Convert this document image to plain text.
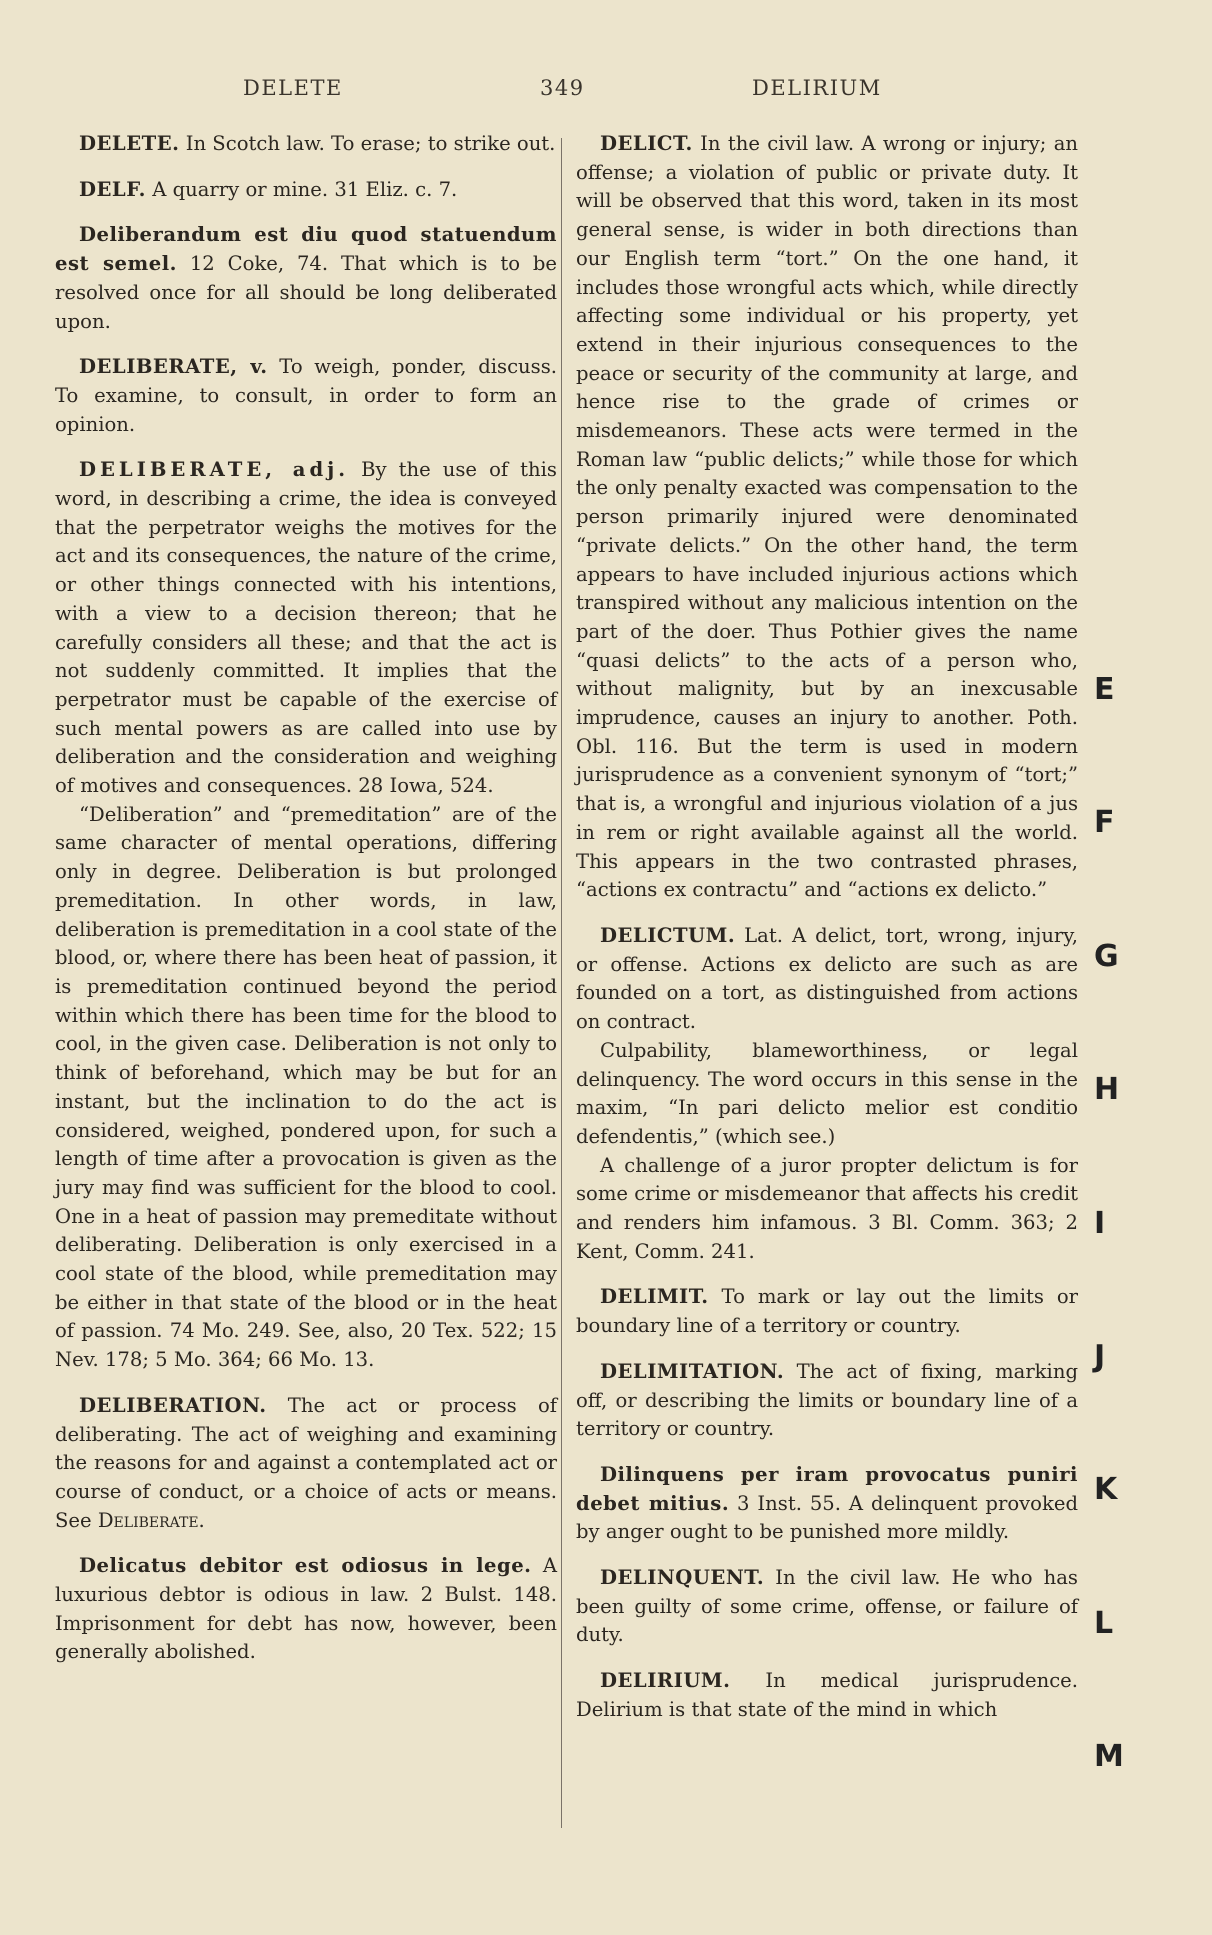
DELETE	349	DELIRIUM

DELETE. In Scotch law. To erase; to strike out.

DELF. A quarry or mine. 31 Eliz. c. 7.

Deliberandum est diu quod statuendum est semel. 12 Coke, 74. That which is to be resolved once for all should be long deliberated upon.

DELIBERATE, v. To weigh, ponder, discuss. To examine, to consult, in order to form an opinion.

DELIBERATE, adj. By the use of this word, in describing a crime, the idea is conveyed that the perpetrator weighs the motives for the act and its consequences, the nature of the crime, or other things connected with his intentions, with a view to a decision thereon; that he carefully considers all these; and that the act is not suddenly committed. It implies that the perpetrator must be capable of the exercise of such mental powers as are called into use by deliberation and the consideration and weighing of motives and consequences. 28 Iowa, 524.

“Deliberation” and “premeditation” are of the same character of mental operations, differing only in degree. Deliberation is but prolonged premeditation. In other words, in law, deliberation is premeditation in a cool state of the blood, or, where there has been heat of passion, it is premeditation continued beyond the period within which there has been time for the blood to cool, in the given case. Deliberation is not only to think of beforehand, which may be but for an instant, but the inclination to do the act is considered, weighed, pondered upon, for such a length of time after a provocation is given as the jury may find was sufficient for the blood to cool. One in a heat of passion may premeditate without deliberating. Deliberation is only exercised in a cool state of the blood, while premeditation may be either in that state of the blood or in the heat of passion. 74 Mo. 249. See, also, 20 Tex. 522; 15 Nev. 178; 5 Mo. 364; 66 Mo. 13.

DELIBERATION. The act or process of deliberating. The act of weighing and examining the reasons for and against a contemplated act or course of conduct, or a choice of acts or means. See Deliberate.

Delicatus debitor est odiosus in lege. A luxurious debtor is odious in law. 2 Bulst. 148. Imprisonment for debt has now, however, been generally abolished.

DELICT. In the civil law. A wrong or injury; an offense; a violation of public or private duty. It will be observed that this word, taken in its most general sense, is wider in both directions than our English term “tort.” On the one hand, it includes those wrongful acts which, while directly affecting some individual or his property, yet extend in their injurious consequences to the peace or security of the community at large, and hence rise to the grade of crimes or misdemeanors. These acts were termed in the Roman law “public delicts;” while those for which the only penalty exacted was compensation to the person primarily injured were denominated “private delicts.” On the other hand, the term appears to have included injurious actions which transpired without any malicious intention on the part of the doer. Thus Pothier gives the name “quasi delicts” to the acts of a person who, without malignity, but by an inexcusable imprudence, causes an injury to another. Poth. Obl. 116. But the term is used in modern jurisprudence as a convenient synonym of “tort;” that is, a wrongful and injurious violation of a jus in rem or right available against all the world. This appears in the two contrasted phrases, “actions ex contractu” and “actions ex delicto.”

DELICTUM. Lat. A delict, tort, wrong, injury, or offense. Actions ex delicto are such as are founded on a tort, as distinguished from actions on contract.

Culpability, blameworthiness, or legal delinquency. The word occurs in this sense in the maxim, “In pari delicto melior est conditio defendentis,” (which see.)

A challenge of a juror propter delictum is for some crime or misdemeanor that affects his credit and renders him infamous. 3 Bl. Comm. 363; 2 Kent, Comm. 241.

DELIMIT. To mark or lay out the limits or boundary line of a territory or country.

DELIMITATION. The act of fixing, marking off, or describing the limits or boundary line of a territory or country.

Dilinquens per iram provocatus puniri debet mitius. 3 Inst. 55. A delinquent provoked by anger ought to be punished more mildly.

DELINQUENT. In the civil law. He who has been guilty of some crime, offense, or failure of duty.

DELIRIUM. In medical jurisprudence. Delirium is that state of the mind in which

E
F
G
H
I
J
K
L
M
